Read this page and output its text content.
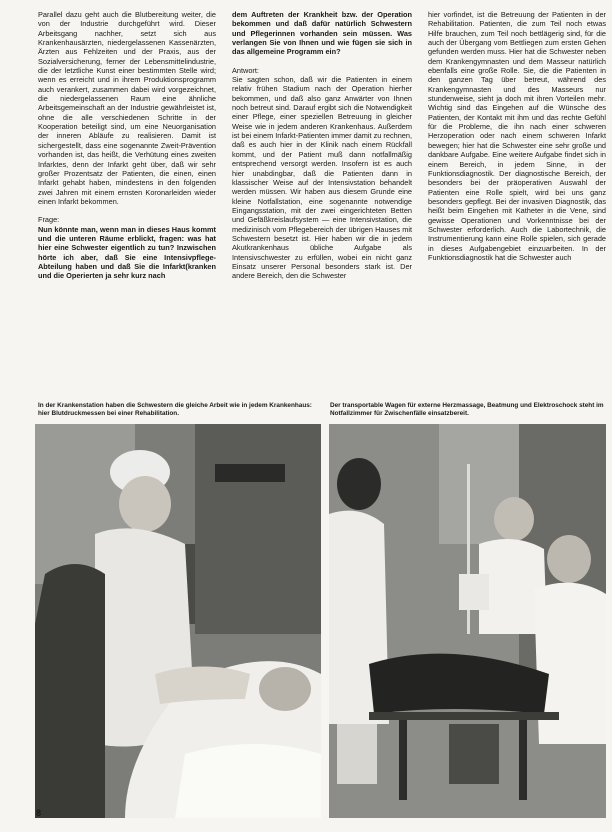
Parallel dazu geht auch die Blutbereitung weiter, die von der Industrie durchgeführt wird. Dieser Arbeitsgang nachher, setzt sich aus Krankenhausärzten, niedergelassenen Kassenärzten, Ärzten aus Fehlzeiten und der Praxis, aus der Sozialversicherung, ferner der Lebensmittelindustrie, die der letztliche Kunst einer bestimmten Stelle wird; wenn es erreicht und in ihrem Produktionsprogramm auch verankert, zusammen dabei wird vorgezeichnet, die niedergelassenen Raum eine ähnliche Arbeitsgemeinschaft an der Industrie gewährleistet ist, ohne die alle verschiedenen Schritte in der Kooperation beteiligt sind, um eine Neuorganisation der inneren Abläufe zu realisieren. Damit ist sichergestellt, dass eine sogenannte Zweit-Prävention vorhanden ist, das heißt, die Verhütung eines zweiten Infarktes, denn der Infarkt geht über, daß wir sehr großer Prozentsatz der Patienten, die einen, einen Infarkt gehabt haben, mindestens in den folgenden zwei Jahren mit einem ernsten Koronarleiden wieder einen Infarkt bekommen.

Frage:
Nun könnte man, wenn man in dieses Haus kommt und die unteren Räume erblickt, fragen: was hat hier eine Schwester eigentlich zu tun? Inzwischen hörte ich aber, daß Sie eine Intensivpflege-Abteilung haben und daß Sie die Infarkt(kranken und die Operierten ja sehr kurz nach

dem Auftreten der Krankheit bzw. der Operation bekommen und daß dafür natürlich Schwestern und Pflegerinnen vorhanden sein müssen. Was verlangen Sie von Ihnen und wie fügen sie sich in das allgemeine Programm ein?

Antwort:
Sie sagten schon, daß wir die Patienten in einem relativ frühen Stadium nach der Operation hierher bekommen, und daß also ganz Anwärter von Ihnen noch betreut sind. Darauf ergibt sich die Notwendigkeit einer Pflege, einer speziellen Betreuung in gleicher Weise wie in jedem anderen Krankenhaus. Außerdem ist bei einem Infarkt-Patienten immer damit zu rechnen, daß es auch hier in der Klinik nach einem Rückfall kommt, und der Patient muß dann notfallmäßig entsprechend versorgt werden. Insofern ist es auch hier unabdingbar, daß die Patienten dann in klassischer Weise auf der Intensivstation behandelt werden müssen. Wir haben aus diesem Grunde eine kleine Notfallstation, eine sogenannte notwendige Eingangsstation, mit der zwei eingerichteten Betten und Gefäßkreislaufsystem — eine Intensivstation, die medizinisch vom Pflegebereich der übrigen Hauses mit Schwestern besetzt ist. Hier haben wir die in jedem Akutkrankenhaus übliche Aufgabe als Intensivschwester zu erfüllen, wobei ein nicht ganz Einsatz unserer Personal besonders stark ist. Der andere Bereich, den die Schwester

hier vorfindet, ist die Betreuung der Patienten in der Rehabilitation. Patienten, die zum Teil noch etwas Hilfe brauchen, zum Teil noch bettlägerig sind, für die auch der Übergang vom Bettliegen zum ersten Gehen gefunden werden muss. Hier hat die Schwester neben dem Krankengymnasten und dem Masseur natürlich ebenfalls eine große Rolle. Sie, die die Patienten in den ganzen Tag über betreut, während des Krankengymnasten und des Masseurs nur stundenweise, sieht ja doch mit ihren Vorteilen mehr. Wichtig sind das Eingehen auf die Wünsche des Patienten, der Kontakt mit ihm und das rechte Gefühl für die Probleme, die ihn nach einer schweren Herzoperation oder nach einem schweren Infarkt bewegen; hier hat die Schwester eine sehr große und dankbare Aufgabe. Eine weitere Aufgabe findet sich in einem Bereich, in jedem Sinne, in der Funktionsdiagnostik. Der diagnostische Bereich, der besonders bei der präoperativen Auswahl der Patienten eine Rolle spielt, wird bei uns ganz besonders gepflegt. Bei der invasiven Diagnostik, das heißt beim Eingehen mit Katheter in die Vene, sind gewisse Operationen und Vorkenntnisse bei der Schwester erforderlich. Auch die Labortechnik, die Instrumentierung kann eine Rolle spielen, sich gerade in dieses Aufgabengebiet einzuarbeiten. In der Funktionsdiagnostik hat die Schwester auch

In der Krankenstation haben die Schwestern die gleiche Arbeit wie in jedem Krankenhaus: hier Blutdruckmessen bei einer Rehabilitation.
Der transportable Wagen für externe Herzmassage, Beatmung und Elektroschock steht im Notfallzimmer für Zwischenfälle einsatzbereit.
8
